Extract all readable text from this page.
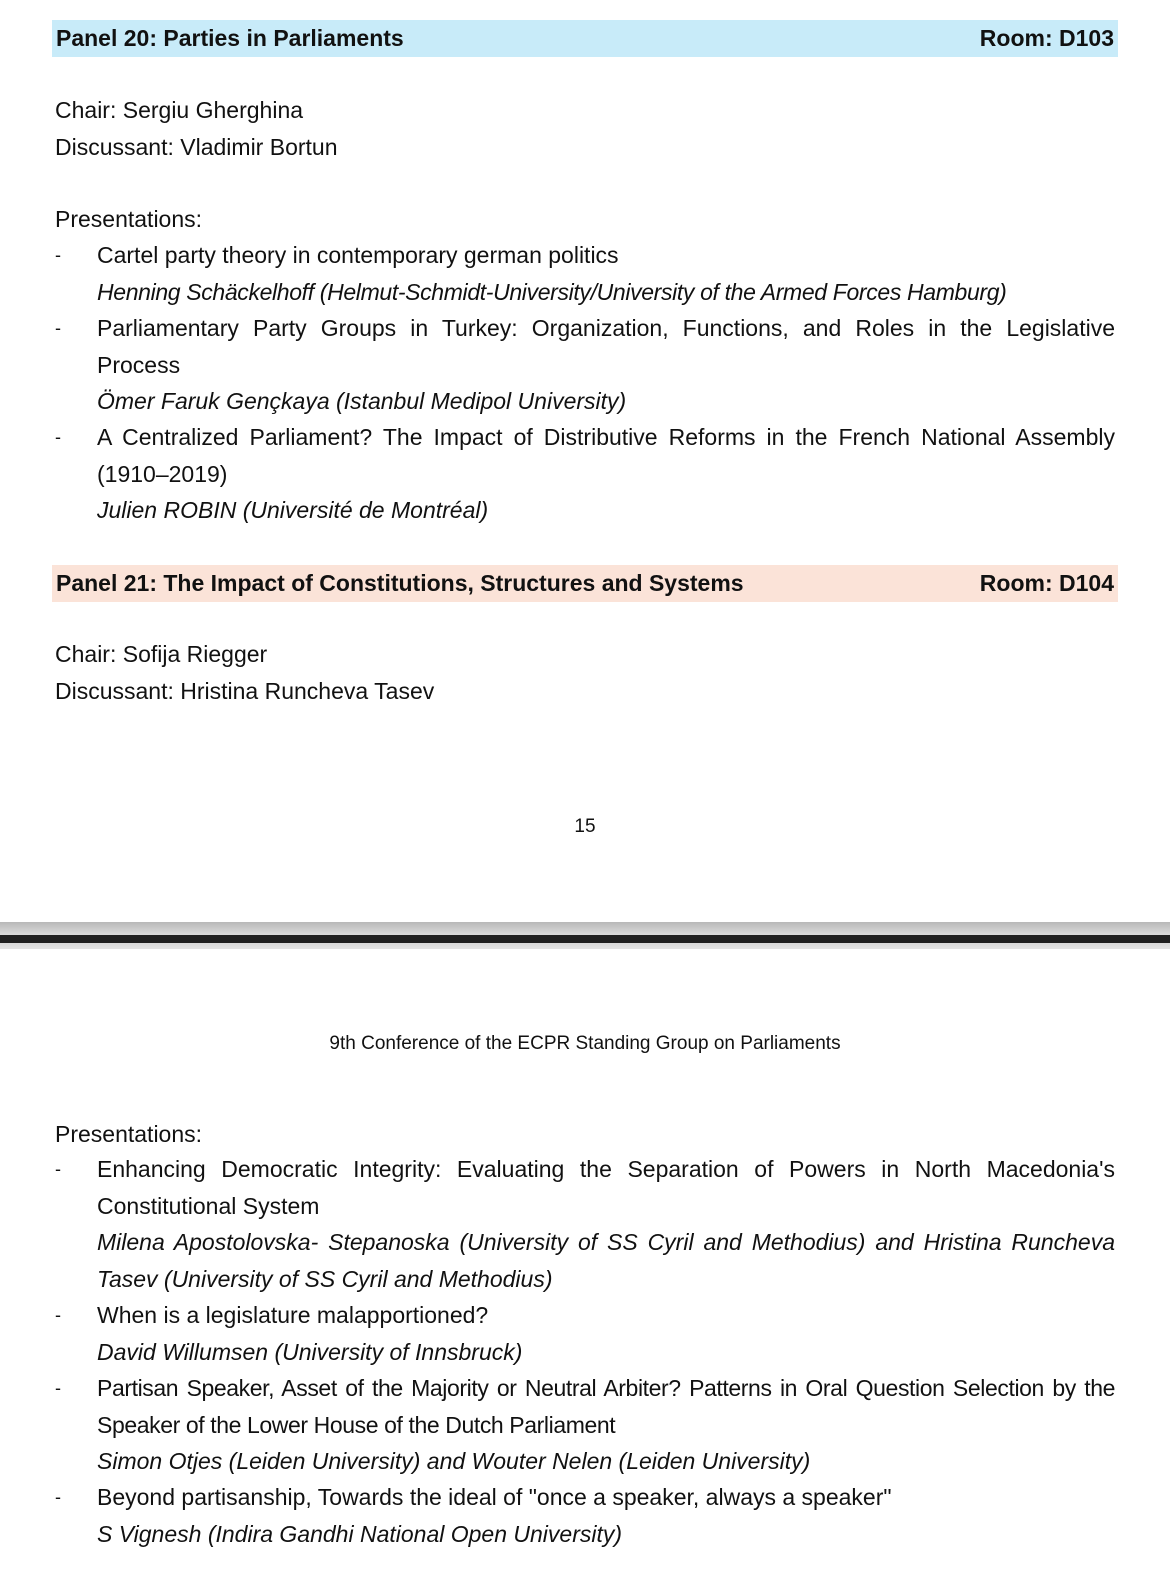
Panel 20: Parties in Parliaments	Room: D103
Chair: Sergiu Gherghina
Discussant: Vladimir Bortun
Presentations:
-	Cartel party theory in contemporary german politics
Henning Schäckelhoff (Helmut-Schmidt-University/University of the Armed Forces Hamburg)
-	Parliamentary Party Groups in Turkey: Organization, Functions, and Roles in the Legislative Process
Ömer Faruk Gençkaya (Istanbul Medipol University)
-	A Centralized Parliament? The Impact of Distributive Reforms in the French National Assembly (1910–2019)
Julien ROBIN (Université de Montréal)
Panel 21: The Impact of Constitutions, Structures and Systems	Room: D104
Chair: Sofija Riegger
Discussant: Hristina Runcheva Tasev
15
9th Conference of the ECPR Standing Group on Parliaments
Presentations:
-	Enhancing Democratic Integrity: Evaluating the Separation of Powers in North Macedonia's Constitutional System
Milena Apostolovska- Stepanoska (University of SS Cyril and Methodius) and Hristina Runcheva Tasev (University of SS Cyril and Methodius)
-	When is a legislature malapportioned?
David Willumsen (University of Innsbruck)
-	Partisan Speaker, Asset of the Majority or Neutral Arbiter? Patterns in Oral Question Selection by the Speaker of the Lower House of the Dutch Parliament
Simon Otjes (Leiden University) and Wouter Nelen (Leiden University)
-	Beyond partisanship, Towards the ideal of "once a speaker, always a speaker"
S Vignesh (Indira Gandhi National Open University)
